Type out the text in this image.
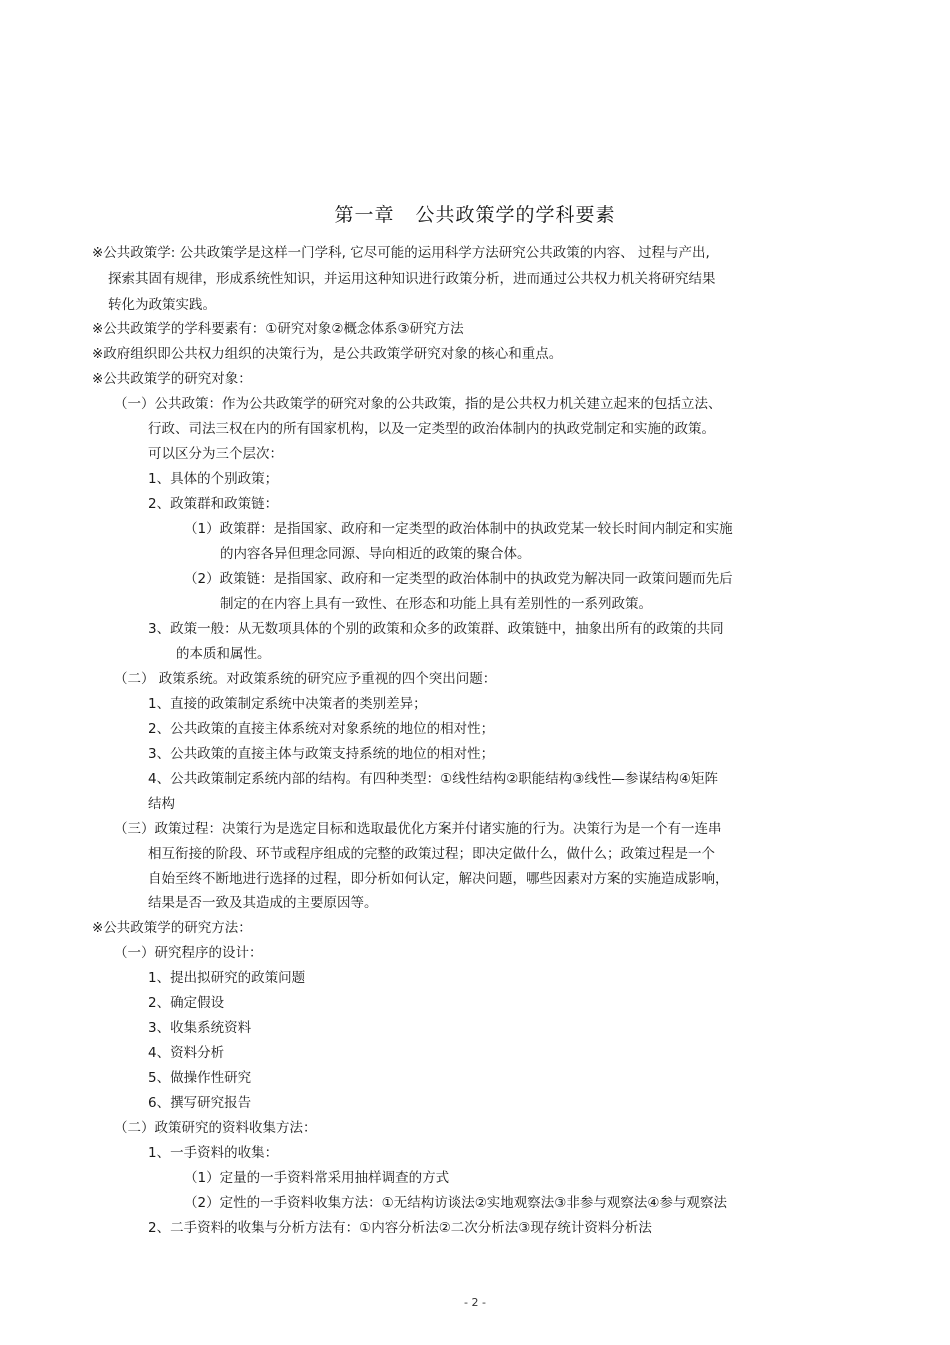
第一章 公共政策学的学科要素
※公共政策学: 公共政策学是这样一门学科, 它尽可能的运用科学方法研究公共政策的内容、 过程与产出,
探索其固有规律，形成系统性知识，并运用这种知识进行政策分析，进而通过公共权力机关将研究结果
转化为政策实践。
※公共政策学的学科要素有：①研究对象②概念体系③研究方法
※政府组织即公共权力组织的决策行为，是公共政策学研究对象的核心和重点。
※公共政策学的研究对象：
（一）公共政策：作为公共政策学的研究对象的公共政策，指的是公共权力机关建立起来的包括立法、
行政、司法三权在内的所有国家机构，以及一定类型的政治体制内的执政党制定和实施的政策。
可以区分为三个层次：
1、具体的个别政策；
2、政策群和政策链：
（1）政策群：是指国家、政府和一定类型的政治体制中的执政党某一较长时间内制定和实施
的内容各异但理念同源、导向相近的政策的聚合体。
（2）政策链：是指国家、政府和一定类型的政治体制中的执政党为解决同一政策问题而先后
制定的在内容上具有一致性、在形态和功能上具有差别性的一系列政策。
3、政策一般：从无数项具体的个别的政策和众多的政策群、政策链中，抽象出所有的政策的共同
的本质和属性。
（二） 政策系统。对政策系统的研究应予重视的四个突出问题：
1、直接的政策制定系统中决策者的类别差异；
2、公共政策的直接主体系统对对象系统的地位的相对性；
3、公共政策的直接主体与政策支持系统的地位的相对性；
4、公共政策制定系统内部的结构。有四种类型：①线性结构②职能结构③线性—参谋结构④矩阵
结构
（三）政策过程：决策行为是选定目标和选取最优化方案并付诸实施的行为。决策行为是一个有一连串
相互衔接的阶段、环节或程序组成的完整的政策过程；即决定做什么，做什么；政策过程是一个
自始至终不断地进行选择的过程，即分析如何认定，解决问题，哪些因素对方案的实施造成影响，
结果是否一致及其造成的主要原因等。
※公共政策学的研究方法：
（一）研究程序的设计：
1、提出拟研究的政策问题
2、确定假设
3、收集系统资料
4、资料分析
5、做操作性研究
6、撰写研究报告
（二）政策研究的资料收集方法：
1、一手资料的收集：
（1）定量的一手资料常采用抽样调查的方式
（2）定性的一手资料收集方法：①无结构访谈法②实地观察法③非参与观察法④参与观察法
2、二手资料的收集与分析方法有：①内容分析法②二次分析法③现存统计资料分析法
- 2 -
